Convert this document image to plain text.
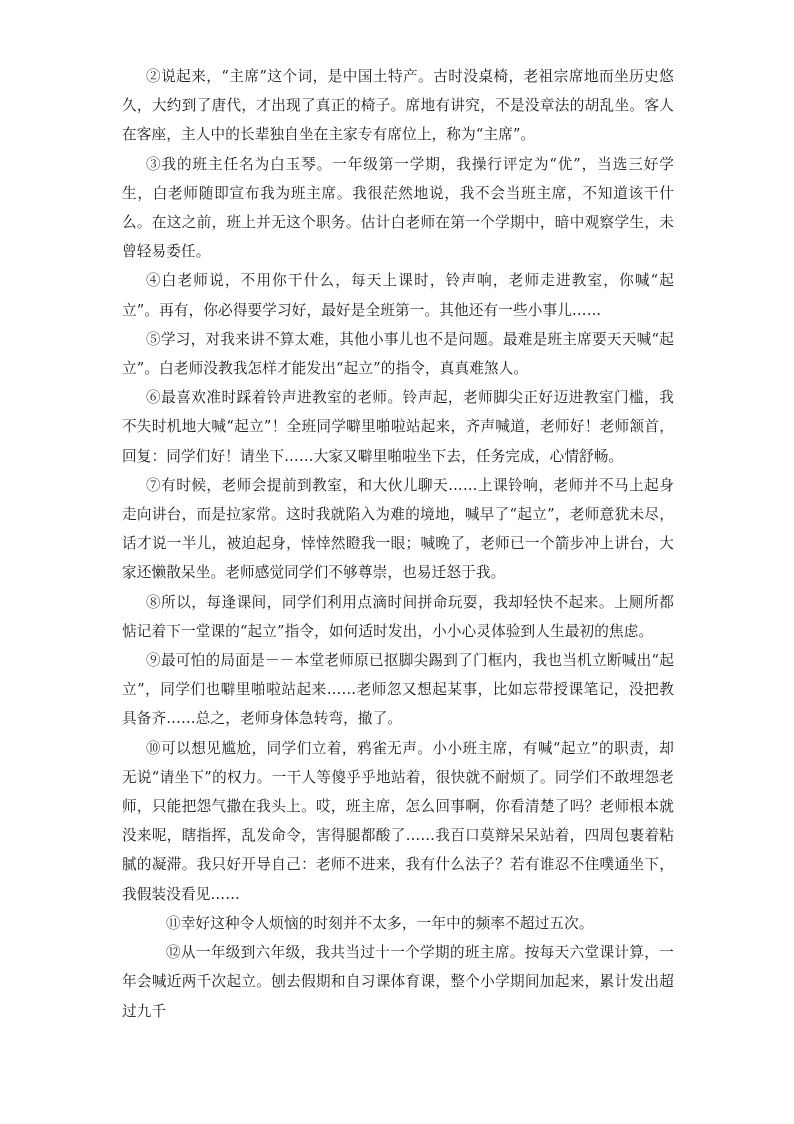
②说起来，“主席”这个词，是中国土特产。古时没桌椅，老祖宗席地而坐历史悠久，大约到了唐代，才出现了真正的椅子。席地有讲究，不是没章法的胡乱坐。客人在客座，主人中的长辈独自坐在主家专有席位上，称为“主席”。

③我的班主任名为白玉琴。一年级第一学期，我操行评定为“优”，当选三好学生，白老师随即宣布我为班主席。我很茫然地说，我不会当班主席，不知道该干什么。在这之前，班上并无这个职务。估计白老师在第一个学期中，暗中观察学生，未曾轻易委任。

④白老师说，不用你干什么，每天上课时，铃声响，老师走进教室，你喊“起立”。再有，你必得要学习好，最好是全班第一。其他还有一些小事儿……

⑤学习，对我来讲不算太难，其他小事儿也不是问题。最难是班主席要天天喊“起立”。白老师没教我怎样才能发出“起立”的指令，真真难煞人。

⑥最喜欢准时踩着铃声进教室的老师。铃声起，老师脚尖正好迈进教室门槛，我不失时机地大喊“起立”！全班同学噼里啪啦站起来，齐声喊道，老师好！老师颔首，回复：同学们好！请坐下……大家又噼里啪啦坐下去，任务完成，心情舒畅。

⑦有时候，老师会提前到教室，和大伙儿聊天……上课铃响，老师并不马上起身走向讲台，而是拉家常。这时我就陷入为难的境地，喊早了“起立”，老师意犹未尽，话才说一半儿，被迫起身，悻悻然瞪我一眼；喊晚了，老师已一个箭步冲上讲台，大家还懒散呆坐。老师感觉同学们不够尊崇，也易迁怒于我。

⑧所以，每逢课间，同学们利用点滴时间拼命玩耍，我却轻快不起来。上厕所都惦记着下一堂课的“起立”指令，如何适时发出，小小心灵体验到人生最初的焦虑。

⑨最可怕的局面是－－本堂老师原已抠脚尖踢到了门框内，我也当机立断喊出“起立”，同学们也噼里啪啦站起来……老师忽又想起某事，比如忘带授课笔记，没把教具备齐……总之，老师身体急转弯，撤了。

⑩可以想见尴尬，同学们立着，鸦雀无声。小小班主席，有喊“起立”的职责，却无说“请坐下”的权力。一干人等傻乎乎地站着，很快就不耐烦了。同学们不敢埋怨老师，只能把怨气撒在我头上。哎，班主席，怎么回事啊，你看清楚了吗？老师根本就没来呢，瞎指挥，乱发命令，害得腿都酸了……我百口莫辩呆呆站着，四周包裹着粘腻的凝滞。我只好开导自己：老师不进来，我有什么法子？若有谁忍不住噗通坐下，我假装没看见……

⑪幸好这种令人烦恼的时刻并不太多，一年中的频率不超过五次。

⑫从一年级到六年级，我共当过十一个学期的班主席。按每天六堂课计算，一年会喊近两千次起立。刨去假期和自习课体育课，整个小学期间加起来，累计发出超过九千
